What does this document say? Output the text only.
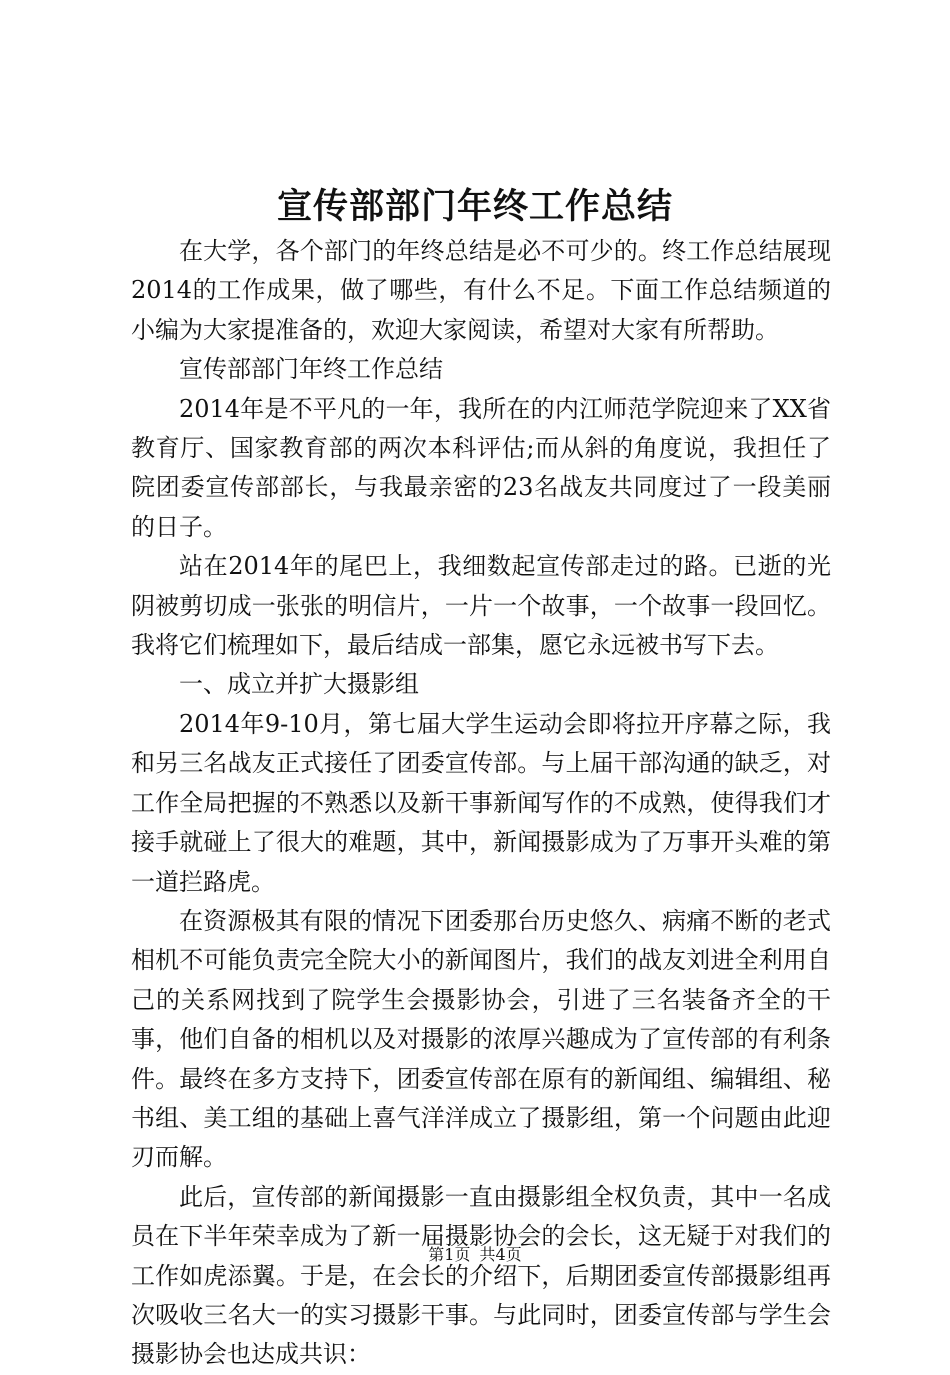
宣传部部门年终工作总结

在大学，各个部门的年终总结是必不可少的。终工作总结展现2014的工作成果，做了哪些，有什么不足。下面工作总结频道的小编为大家提准备的，欢迎大家阅读，希望对大家有所帮助。

宣传部部门年终工作总结

2014年是不平凡的一年，我所在的内江师范学院迎来了XX省教育厅、国家教育部的两次本科评估;而从斜的角度说，我担任了院团委宣传部部长，与我最亲密的23名战友共同度过了一段美丽的日子。

站在2014年的尾巴上，我细数起宣传部走过的路。已逝的光阴被剪切成一张张的明信片，一片一个故事，一个故事一段回忆。我将它们梳理如下，最后结成一部集，愿它永远被书写下去。

一、成立并扩大摄影组

2014年9-10月，第七届大学生运动会即将拉开序幕之际，我和另三名战友正式接任了团委宣传部。与上届干部沟通的缺乏，对工作全局把握的不熟悉以及新干事新闻写作的不成熟，使得我们才接手就碰上了很大的难题，其中，新闻摄影成为了万事开头难的第一道拦路虎。

在资源极其有限的情况下团委那台历史悠久、病痛不断的老式相机不可能负责完全院大小的新闻图片，我们的战友刘进全利用自己的关系网找到了院学生会摄影协会，引进了三名装备齐全的干事，他们自备的相机以及对摄影的浓厚兴趣成为了宣传部的有利条件。最终在多方支持下，团委宣传部在原有的新闻组、编辑组、秘书组、美工组的基础上喜气洋洋成立了摄影组，第一个问题由此迎刃而解。

此后，宣传部的新闻摄影一直由摄影组全权负责，其中一名成员在下半年荣幸成为了新一届摄影协会的会长，这无疑于对我们的工作如虎添翼。于是，在会长的介绍下，后期团委宣传部摄影组再次吸收三名大一的实习摄影干事。与此同时，团委宣传部与学生会摄影协会也达成共识：

第1页 共4页
